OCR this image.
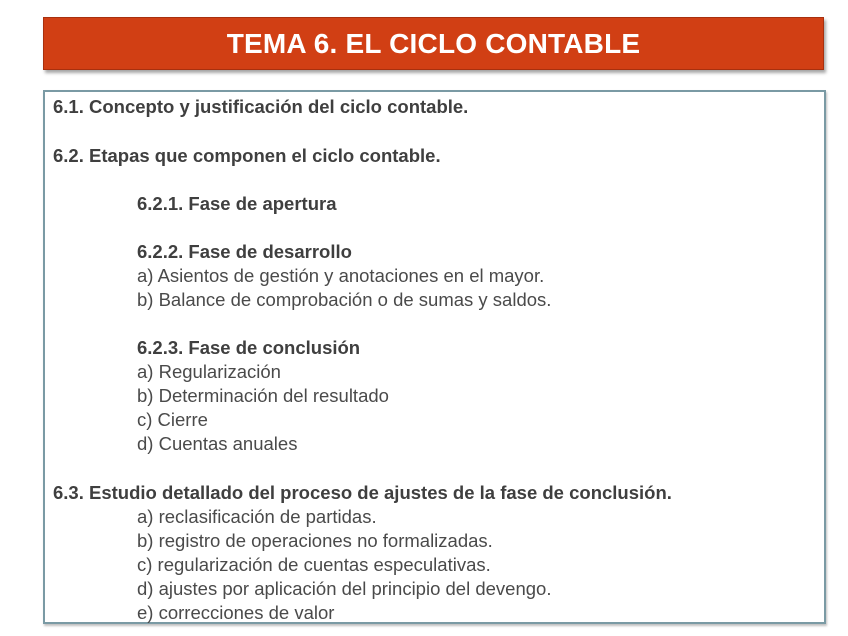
TEMA 6. EL CICLO CONTABLE
6.1. Concepto y justificación del ciclo contable.
6.2. Etapas que componen el ciclo contable.
6.2.1. Fase de apertura
6.2.2. Fase de desarrollo
a) Asientos de gestión y anotaciones en el mayor.
b) Balance de comprobación o de sumas y saldos.
6.2.3. Fase de conclusión
a) Regularización
b) Determinación del resultado
c) Cierre
d) Cuentas anuales
6.3. Estudio detallado del proceso de ajustes de la fase de conclusión.
a) reclasificación de partidas.
b) registro de operaciones no formalizadas.
c) regularización de cuentas especulativas.
d) ajustes por aplicación del principio del devengo.
e) correcciones de valor
